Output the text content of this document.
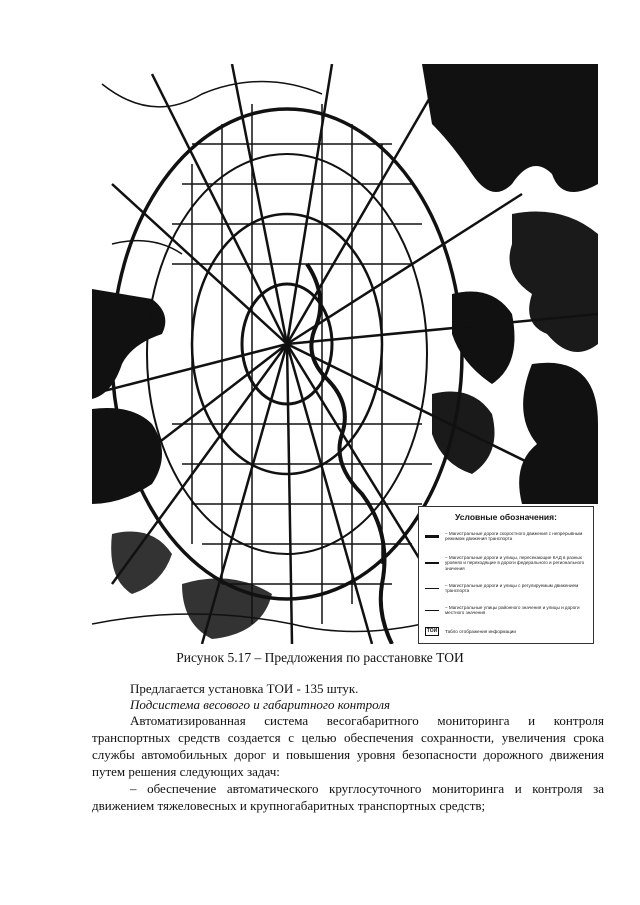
Условные обозначения:
– Магистральные дороги скоростного движения с непрерывным режимом движения транспорта
– Магистральные дороги и улицы, пересекающие КАД в разных уровнях и переходящие в дороги федерального и регионального значения
– Магистральные дороги и улицы с регулируемым движением транспорта
– Магистральные улицы районного значения и улицы и дороги местного значения
ТОИ	Табло отображения информации
Рисунок 5.17 – Предложения по расстановке ТОИ
Предлагается установка ТОИ - 135 штук.
Подсистема весового и габаритного контроля
Автоматизированная система весогабаритного мониторинга и контроля
транспортных средств создается с целью обеспечения сохранности, увеличения срока
службы автомобильных дорог и повышения уровня безопасности дорожного движения
путем решения следующих задач:
– обеспечение автоматического круглосуточного мониторинга и контроля за
движением тяжеловесных и крупногабаритных транспортных средств;
